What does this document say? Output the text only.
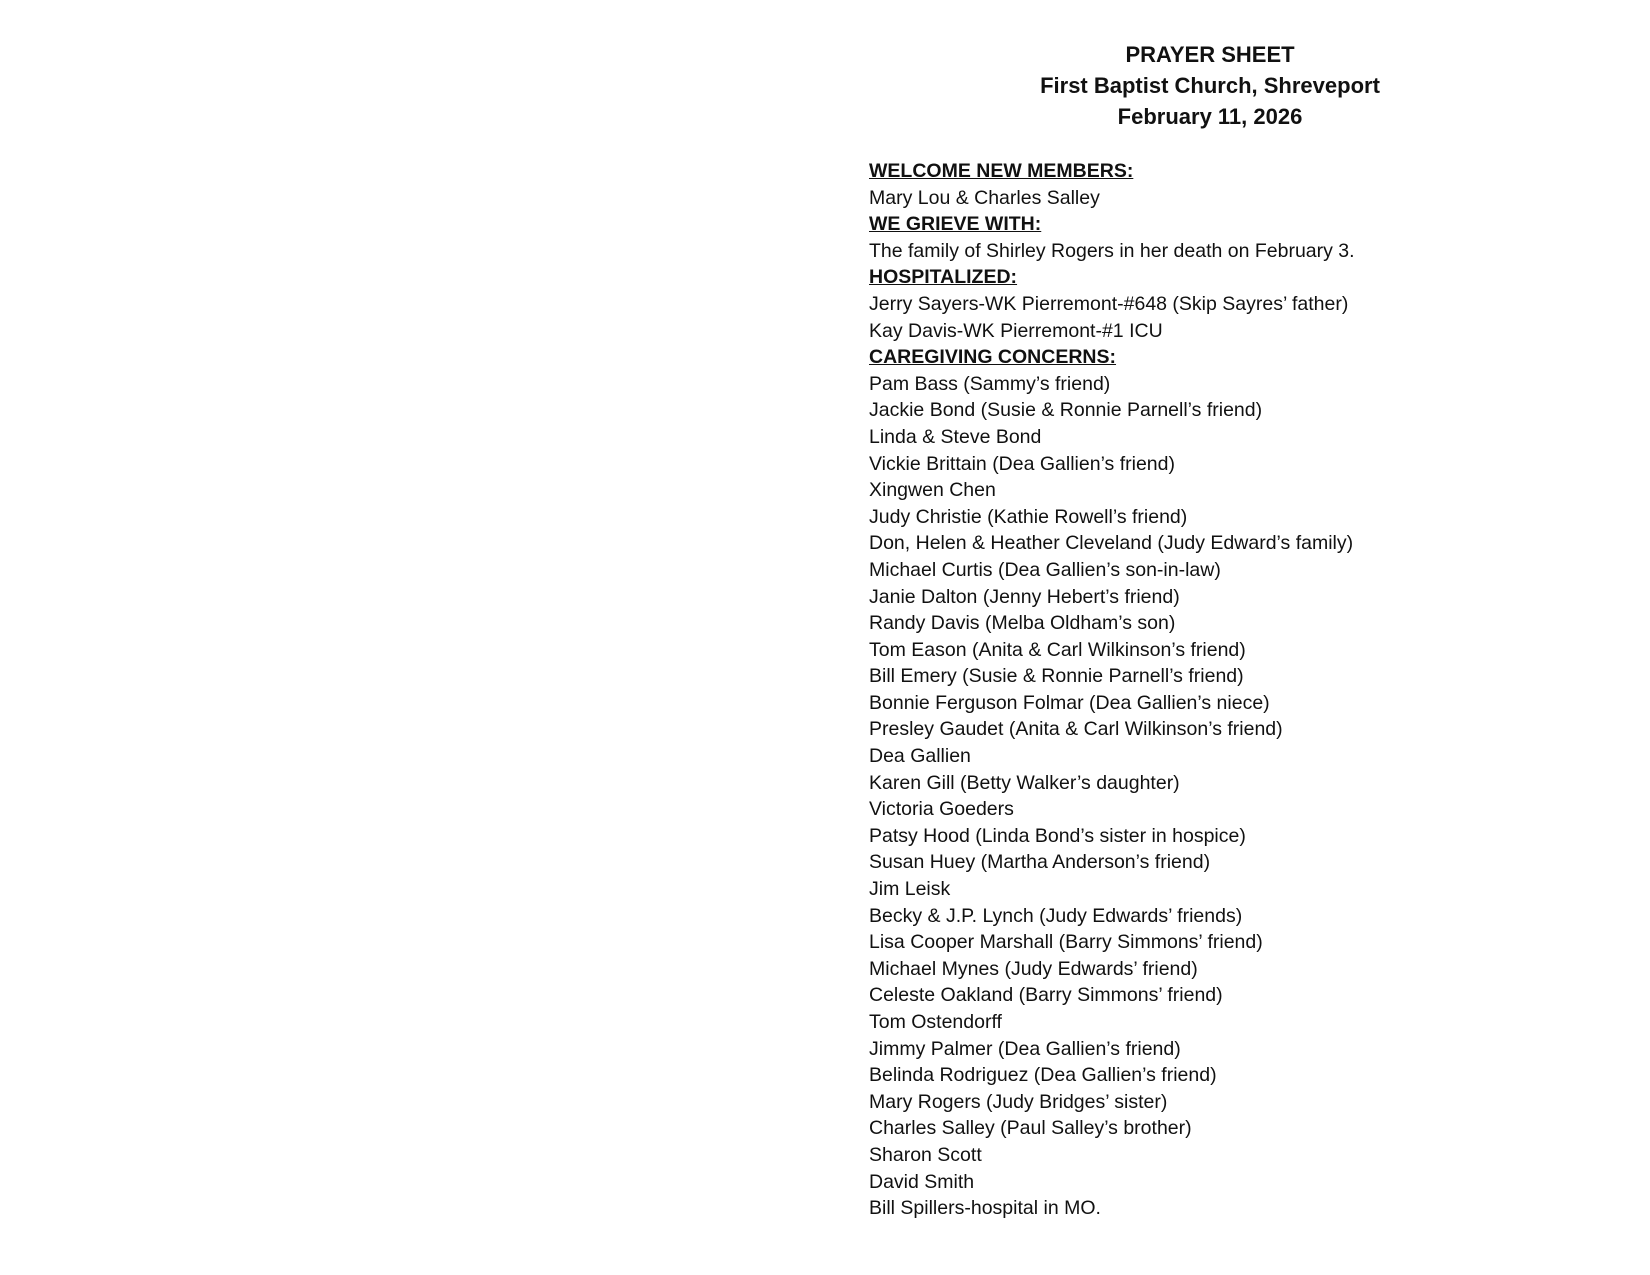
PRAYER SHEET
First Baptist Church, Shreveport
February 11, 2026
WELCOME NEW MEMBERS:
Mary Lou & Charles Salley
WE GRIEVE WITH:
The family of Shirley Rogers in her death on February 3.
HOSPITALIZED:
Jerry Sayers-WK Pierremont-#648 (Skip Sayres’ father)
Kay Davis-WK Pierremont-#1 ICU
CAREGIVING CONCERNS:
Pam Bass (Sammy’s friend)
Jackie Bond (Susie & Ronnie Parnell’s friend)
Linda & Steve Bond
Vickie Brittain (Dea Gallien’s friend)
Xingwen Chen
Judy Christie (Kathie Rowell’s friend)
Don, Helen & Heather Cleveland (Judy Edward’s family)
Michael Curtis (Dea Gallien’s son-in-law)
Janie Dalton (Jenny Hebert’s friend)
Randy Davis (Melba Oldham’s son)
Tom Eason (Anita & Carl Wilkinson’s friend)
Bill Emery (Susie & Ronnie Parnell’s friend)
Bonnie Ferguson Folmar (Dea Gallien’s niece)
Presley Gaudet (Anita & Carl Wilkinson’s friend)
Dea Gallien
Karen Gill (Betty Walker’s daughter)
Victoria Goeders
Patsy Hood (Linda Bond’s sister in hospice)
Susan Huey (Martha Anderson’s friend)
Jim Leisk
Becky & J.P. Lynch (Judy Edwards’ friends)
Lisa Cooper Marshall (Barry Simmons’ friend)
Michael Mynes (Judy Edwards’ friend)
Celeste Oakland (Barry Simmons’ friend)
Tom Ostendorff
Jimmy Palmer (Dea Gallien’s friend)
Belinda Rodriguez (Dea Gallien’s friend)
Mary Rogers (Judy Bridges’ sister)
Charles Salley (Paul Salley’s brother)
Sharon Scott
David Smith
Bill Spillers-hospital in MO.
